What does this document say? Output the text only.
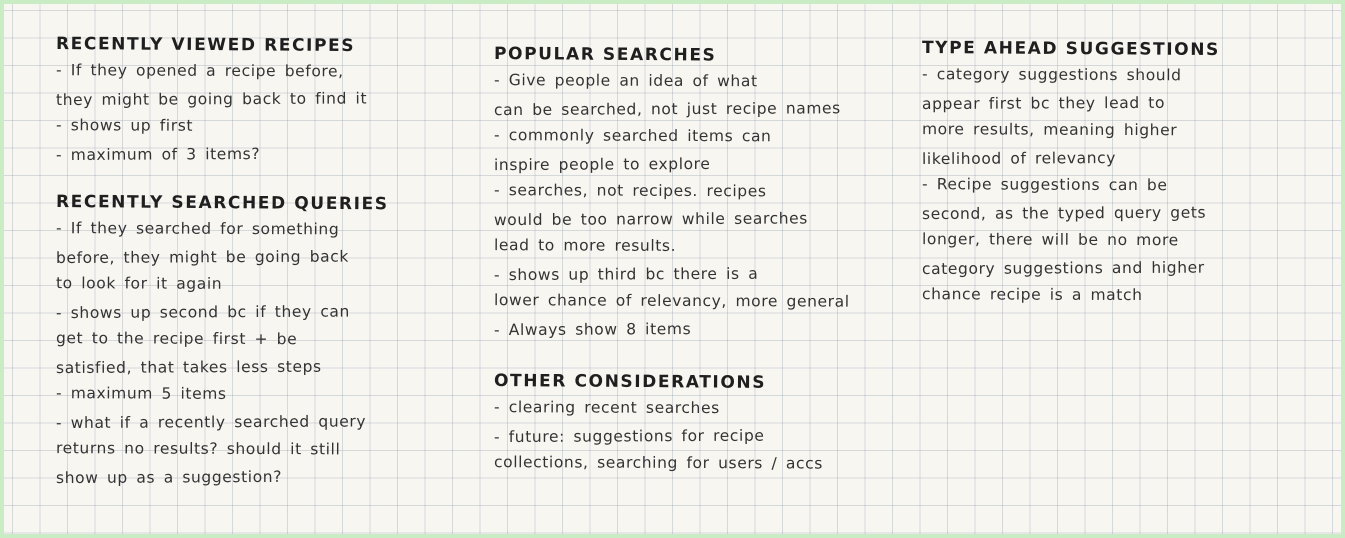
RECENTLY VIEWED RECIPES
- If they opened a recipe before,
they might be going back to find it
- shows up first
- maximum of 3 items?
RECENTLY SEARCHED QUERIES
- If they searched for something
before, they might be going back
to look for it again
- shows up second bc if they can
get to the recipe first + be
satisfied, that takes less steps
- maximum 5 items
- what if a recently searched query
returns no results? should it still
show up as a suggestion?
POPULAR SEARCHES
- Give people an idea of what
can be searched, not just recipe names
- commonly searched items can
inspire people to explore
- searches, not recipes. recipes
would be too narrow while searches
lead to more results.
- shows up third bc there is a
lower chance of relevancy, more general
- Always show 8 items
OTHER CONSIDERATIONS
- clearing recent searches
- future: suggestions for recipe
collections, searching for users / accs
TYPE AHEAD SUGGESTIONS
- category suggestions should
appear first bc they lead to
more results, meaning higher
likelihood of relevancy
- Recipe suggestions can be
second, as the typed query gets
longer, there will be no more
category suggestions and higher
chance recipe is a match
